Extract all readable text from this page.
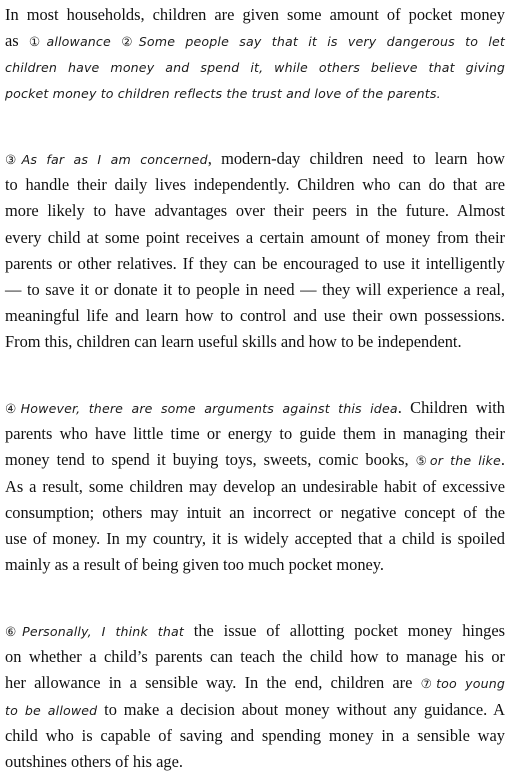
In most households, children are given some amount of pocket money
as ①allowance ②Some people say that it is very dangerous to let
children have money and spend it, while others believe that giving
pocket money to children reflects the trust and love of the parents.
③As far as I am concerned, modern-day children need to learn how
to handle their daily lives independently. Children who can do that are
more likely to have advantages over their peers in the future. Almost
every child at some point receives a certain amount of money from their
parents or other relatives. If they can be encouraged to use it intelligently
— to save it or donate it to people in need — they will experience a real,
meaningful life and learn how to control and use their own possessions.
From this, children can learn useful skills and how to be independent.
④However, there are some arguments against this idea. Children with
parents who have little time or energy to guide them in managing their
money tend to spend it buying toys, sweets, comic books, ⑤or the like.
As a result, some children may develop an undesirable habit of excessive
consumption; others may intuit an incorrect or negative concept of the
use of money. In my country, it is widely accepted that a child is spoiled
mainly as a result of being given too much pocket money.
⑥Personally, I think that the issue of allotting pocket money hinges
on whether a child’s parents can teach the child how to manage his or
her allowance in a sensible way. In the end, children are ⑦too young
to be allowed to make a decision about money without any guidance. A
child who is capable of saving and spending money in a sensible way
outshines others of his age.
